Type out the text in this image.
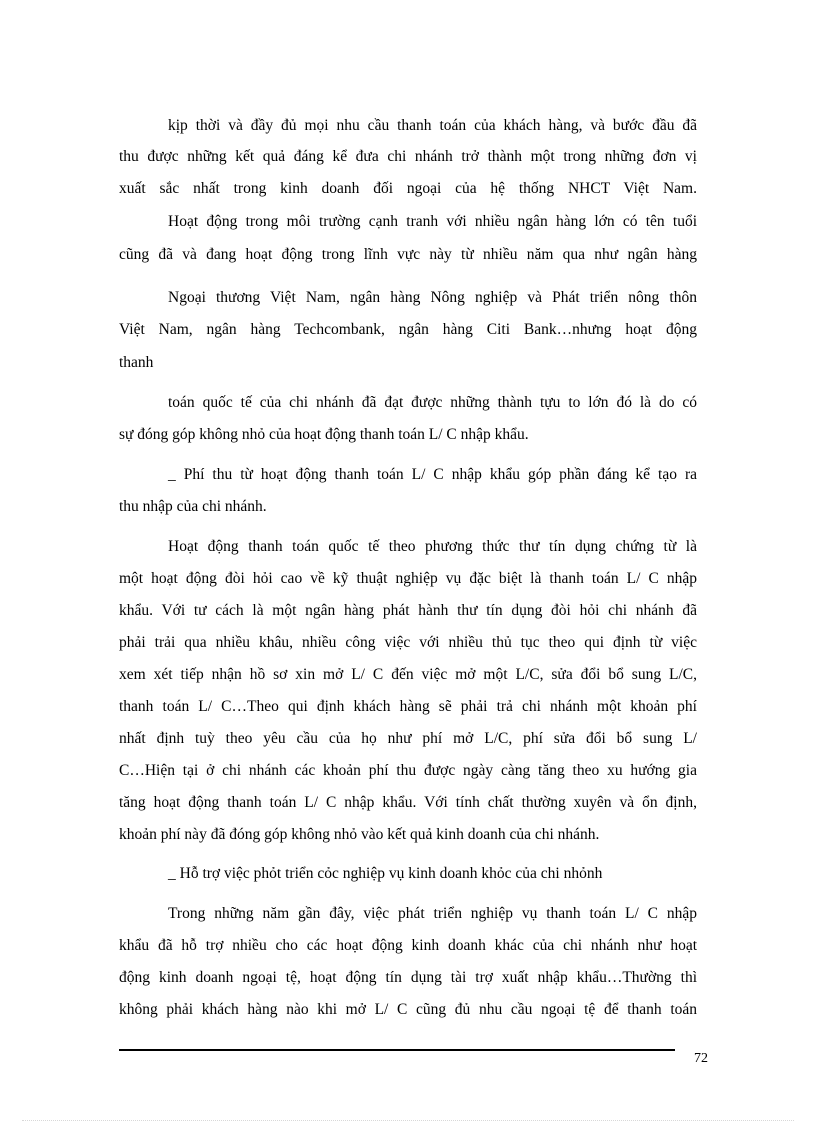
kịp thời và đầy đủ mọi nhu cầu thanh toán của khách hàng, và bước đầu đã
thu được những kết quả đáng kể đưa chi nhánh trở thành một trong những đơn vị
xuất sắc nhất trong kinh doanh đối ngoại của hệ thống NHCT Việt Nam.
Hoạt động trong môi trường cạnh tranh với nhiều ngân hàng lớn có tên tuổi
cũng đã và đang hoạt động trong lĩnh vực này từ nhiều năm qua như ngân hàng
Ngoại thương Việt Nam, ngân hàng Nông nghiệp và Phát triển nông thôn
Việt Nam, ngân hàng Techcombank, ngân hàng Citi Bank…nhưng hoạt động
thanh
toán quốc tế của chi nhánh đã đạt được những thành tựu to lớn đó là do có
sự đóng góp không nhỏ của hoạt động thanh toán L/ C nhập khẩu.
_ Phí thu từ hoạt động thanh toán L/ C nhập khẩu góp phần đáng kể tạo ra
thu nhập của chi nhánh.
Hoạt động thanh toán quốc tế theo phương thức thư tín dụng chứng từ là
một hoạt động đòi hỏi cao về kỹ thuật nghiệp vụ đặc biệt là thanh toán L/ C nhập
khẩu. Với tư cách là một ngân hàng phát hành thư tín dụng đòi hỏi chi nhánh đã
phải trải qua nhiều khâu, nhiều công việc với nhiều thủ tục theo qui định từ việc
xem xét tiếp nhận hồ sơ xin mở L/ C đến việc mở một L/C, sửa đổi bổ sung L/C,
thanh toán L/ C…Theo qui định khách hàng sẽ phải trả chi nhánh một khoản phí
nhất định tuỳ theo yêu cầu của họ như phí mở L/C, phí sửa đổi bổ sung L/
C…Hiện tại ở chi nhánh các khoản phí thu được ngày càng tăng theo xu hướng gia
tăng hoạt động thanh toán L/ C nhập khẩu. Với tính chất thường xuyên và ổn định,
khoản phí này đã đóng góp không nhỏ vào kết quả kinh doanh của chi nhánh.
_ Hỗ trợ việc phỏt triển cỏc nghiệp vụ kinh doanh khỏc của chi nhỏnh
Trong những năm gần đây, việc phát triển nghiệp vụ thanh toán L/ C nhập
khẩu đã hỗ trợ nhiều cho các hoạt động kinh doanh khác của chi nhánh như hoạt
động kinh doanh ngoại tệ, hoạt động tín dụng tài trợ xuất nhập khẩu…Thường thì
không phải khách hàng nào khi mở L/ C cũng đủ nhu cầu ngoại tệ để thanh toán
72
